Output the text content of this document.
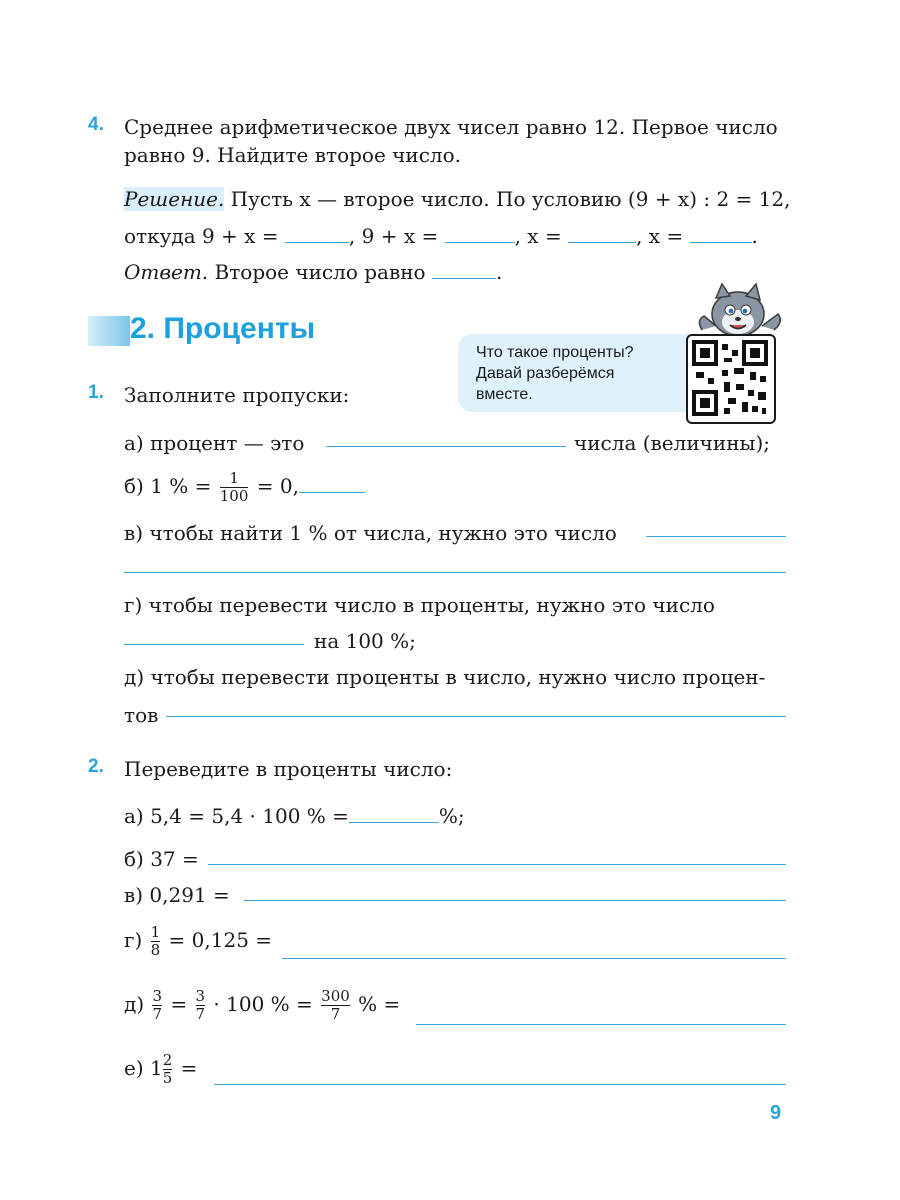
4. Среднее арифметическое двух чисел равно 12. Первое число
равно 9. Найдите второе число.
Решение. Пусть x — второе число. По условию (9 + x) : 2 = 12,
откуда 9 + x =	, 9 + x =	, x =	, x =	.
Ответ. Второе число равно	.
2. Проценты
Что такое проценты?
Давай разберёмся
вместе.
1. Заполните пропуски:
а) процент — это	числа (величины);
б) 1 % = $\frac{1}{100} = 0$,
в) чтобы найти 1 % от числа, нужно это число
г) чтобы перевести число в проценты, нужно это число
на 100 %;
д) чтобы перевести проценты в число, нужно число процен-
тов
2. Переведите в проценты число:
а) 5,4 = 5,4 · 100 % =	%;
б) 37 =
в) 0,291 =
$г) \frac{1}{8} = 0,125$ =
$д) \frac{3}{7} = \frac{3}{7} \cdot 100$ % = $\frac{300}{7}$ % =
е) $1 \frac{2}{5}$ =
9
